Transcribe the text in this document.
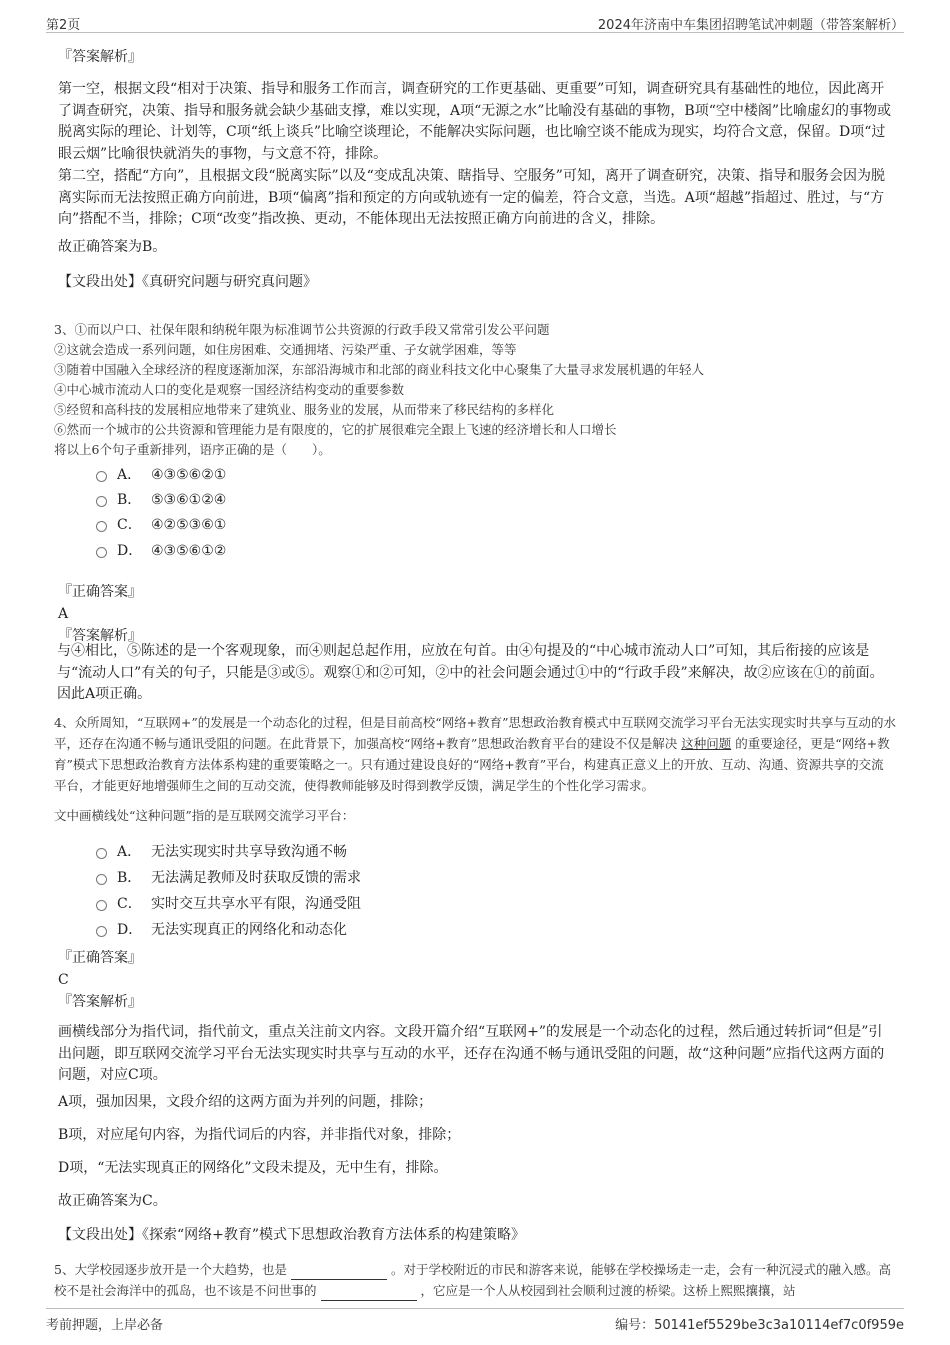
第2页	2024年济南中车集团招聘笔试冲刺题（带答案解析）

『答案解析』

第一空，根据文段“相对于决策、指导和服务工作而言，调查研究的工作更基础、更重要”可知，调查研究具有基础性的地位，因此离开了调查研究，决策、指导和服务就会缺少基础支撑，难以实现，A项“无源之水”比喻没有基础的事物，B项“空中楼阁”比喻虚幻的事物或脱离实际的理论、计划等，C项“纸上谈兵”比喻空谈理论，不能解决实际问题，也比喻空谈不能成为现实，均符合文意，保留。D项“过眼云烟”比喻很快就消失的事物，与文意不符，排除。

第二空，搭配“方向”，且根据文段“脱离实际”以及“变成乱决策、瞎指导、空服务”可知，离开了调查研究，决策、指导和服务会因为脱离实际而无法按照正确方向前进，B项“偏离”指和预定的方向或轨迹有一定的偏差，符合文意，当选。A项“超越”指超过、胜过，与“方向”搭配不当，排除；C项“改变”指改换、更动，不能体现出无法按照正确方向前进的含义，排除。

故正确答案为B。

【文段出处】《真研究问题与研究真问题》

3、①而以户口、社保年限和纳税年限为标准调节公共资源的行政手段又常常引发公平问题

②这就会造成一系列问题，如住房困难、交通拥堵、污染严重、子女就学困难，等等

③随着中国融入全球经济的程度逐渐加深，东部沿海城市和北部的商业科技文化中心聚集了大量寻求发展机遇的年轻人

④中心城市流动人口的变化是观察一国经济结构变动的重要参数

⑤经贸和高科技的发展相应地带来了建筑业、服务业的发展，从而带来了移民结构的多样化

⑥然而一个城市的公共资源和管理能力是有限度的，它的扩展很难完全跟上飞速的经济增长和人口增长

将以上6个句子重新排列，语序正确的是（　　）。

A． ④③⑤⑥②①
B． ⑤③⑥①②④
C． ④②⑤③⑥①
D． ④③⑤⑥①②

『正确答案』

A

『答案解析』

与④相比，⑤陈述的是一个客观现象，而④则起总起作用，应放在句首。由④句提及的“中心城市流动人口”可知，其后衔接的应该是与“流动人口”有关的句子，只能是③或⑤。观察①和②可知，②中的社会问题会通过①中的“行政手段”来解决，故②应该在①的前面。因此A项正确。

4、众所周知，“互联网+”的发展是一个动态化的过程，但是目前高校“网络+教育”思想政治教育模式中互联网交流学习平台无法实现实时共享与互动的水平，还存在沟通不畅与通讯受阻的问题。在此背景下，加强高校“网络+教育”思想政治教育平台的建设不仅是解决 这种问题 的重要途径，更是“网络+教育”模式下思想政治教育方法体系构建的重要策略之一。只有通过建设良好的“网络+教育”平台，构建真正意义上的开放、互动、沟通、资源共享的交流平台，才能更好地增强师生之间的互动交流，使得教师能够及时得到教学反馈，满足学生的个性化学习需求。

文中画横线处“这种问题”指的是互联网交流学习平台：

A． 无法实现实时共享导致沟通不畅
B． 无法满足教师及时获取反馈的需求
C． 实时交互共享水平有限，沟通受阻
D． 无法实现真正的网络化和动态化

『正确答案』

C

『答案解析』

画横线部分为指代词，指代前文，重点关注前文内容。文段开篇介绍“互联网+”的发展是一个动态化的过程，然后通过转折词“但是”引出问题，即互联网交流学习平台无法实现实时共享与互动的水平，还存在沟通不畅与通讯受阻的问题，故“这种问题”应指代这两方面的问题，对应C项。

A项，强加因果，文段介绍的这两方面为并列的问题，排除；

B项，对应尾句内容，为指代词后的内容，并非指代对象，排除；

D项，“无法实现真正的网络化”文段未提及，无中生有，排除。

故正确答案为C。

【文段出处】《探索“网络+教育”模式下思想政治教育方法体系的构建策略》

5、大学校园逐步放开是一个大趋势，也是	。对于学校附近的市民和游客来说，能够在学校操场走一走，会有一种沉浸式的融入感。高校不是社会海洋中的孤岛，也不该是不问世事的	，它应是一个人从校园到社会顺利过渡的桥梁。这桥上熙熙攘攘，站

考前押题，上岸必备	编号：50141ef5529be3c3a10114ef7c0f959e
